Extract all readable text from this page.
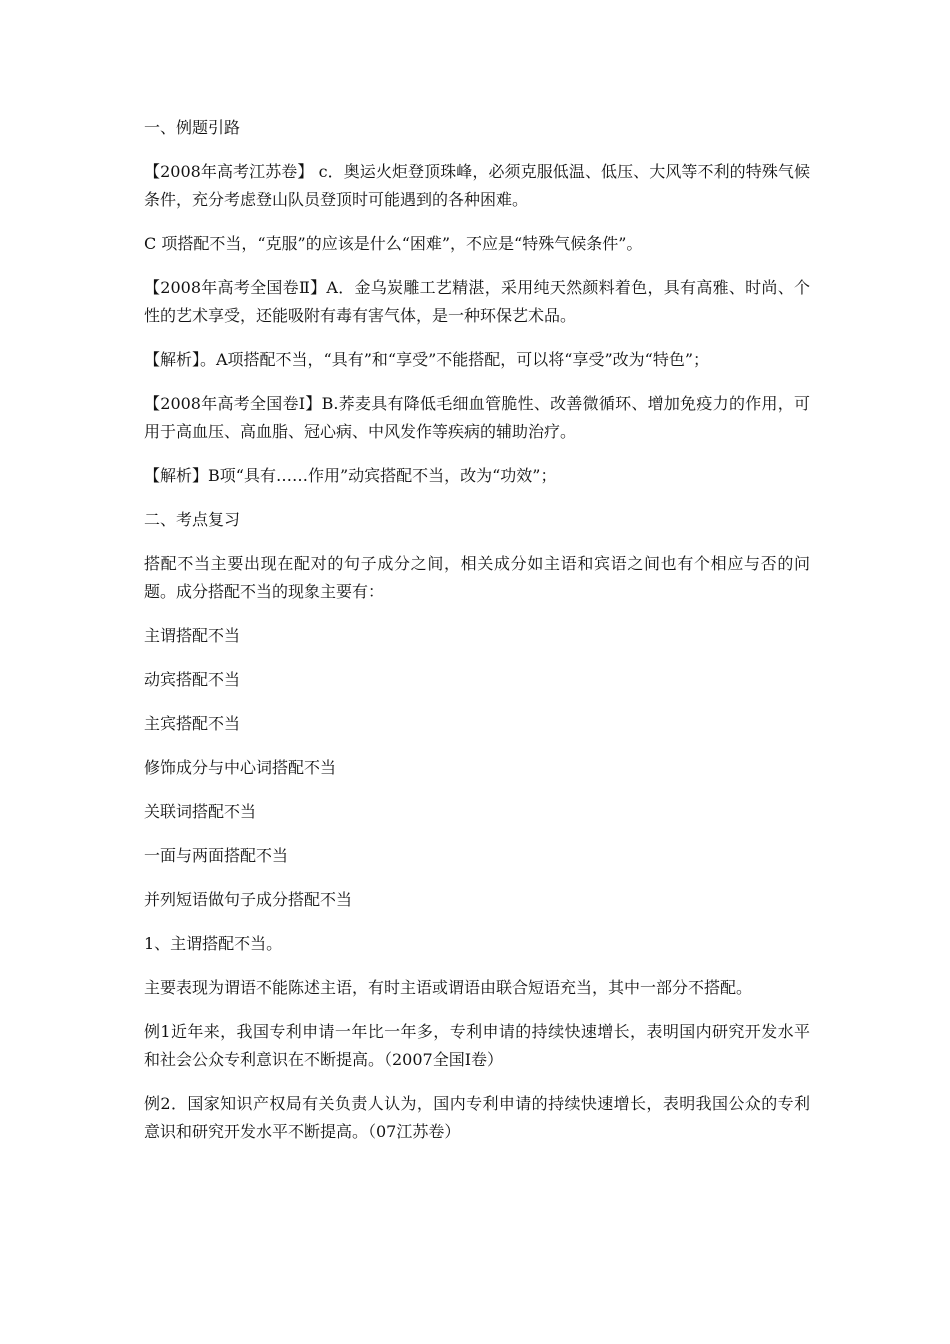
一、例题引路

【2008年高考江苏卷】 c．奥运火炬登顶珠峰，必须克服低温、低压、大风等不利的特殊气候条件，充分考虑登山队员登顶时可能遇到的各种困难。

C 项搭配不当，“克服”的应该是什么“困难”，不应是“特殊气候条件”。

【2008年高考全国卷Ⅱ】A．金乌炭雕工艺精湛，采用纯天然颜料着色，具有高雅、时尚、个性的艺术享受，还能吸附有毒有害气体，是一种环保艺术品。

【解析】。A项搭配不当，“具有”和“享受”不能搭配，可以将“享受”改为“特色”；

【2008年高考全国卷Ⅰ】B.荞麦具有降低毛细血管脆性、改善微循环、增加免疫力的作用，可用于高血压、高血脂、冠心病、中风发作等疾病的辅助治疗。

【解析】B项“具有……作用”动宾搭配不当，改为“功效”；

二、考点复习

搭配不当主要出现在配对的句子成分之间，相关成分如主语和宾语之间也有个相应与否的问题。成分搭配不当的现象主要有：

主谓搭配不当

动宾搭配不当

主宾搭配不当

修饰成分与中心词搭配不当

关联词搭配不当

一面与两面搭配不当

并列短语做句子成分搭配不当

1、主谓搭配不当。

主要表现为谓语不能陈述主语，有时主语或谓语由联合短语充当，其中一部分不搭配。

例1近年来，我国专利申请一年比一年多，专利申请的持续快速增长，表明国内研究开发水平和社会公众专利意识在不断提高。（2007全国Ⅰ卷）

例2．国家知识产权局有关负责人认为，国内专利申请的持续快速增长，表明我国公众的专利意识和研究开发水平不断提高。（07江苏卷）
